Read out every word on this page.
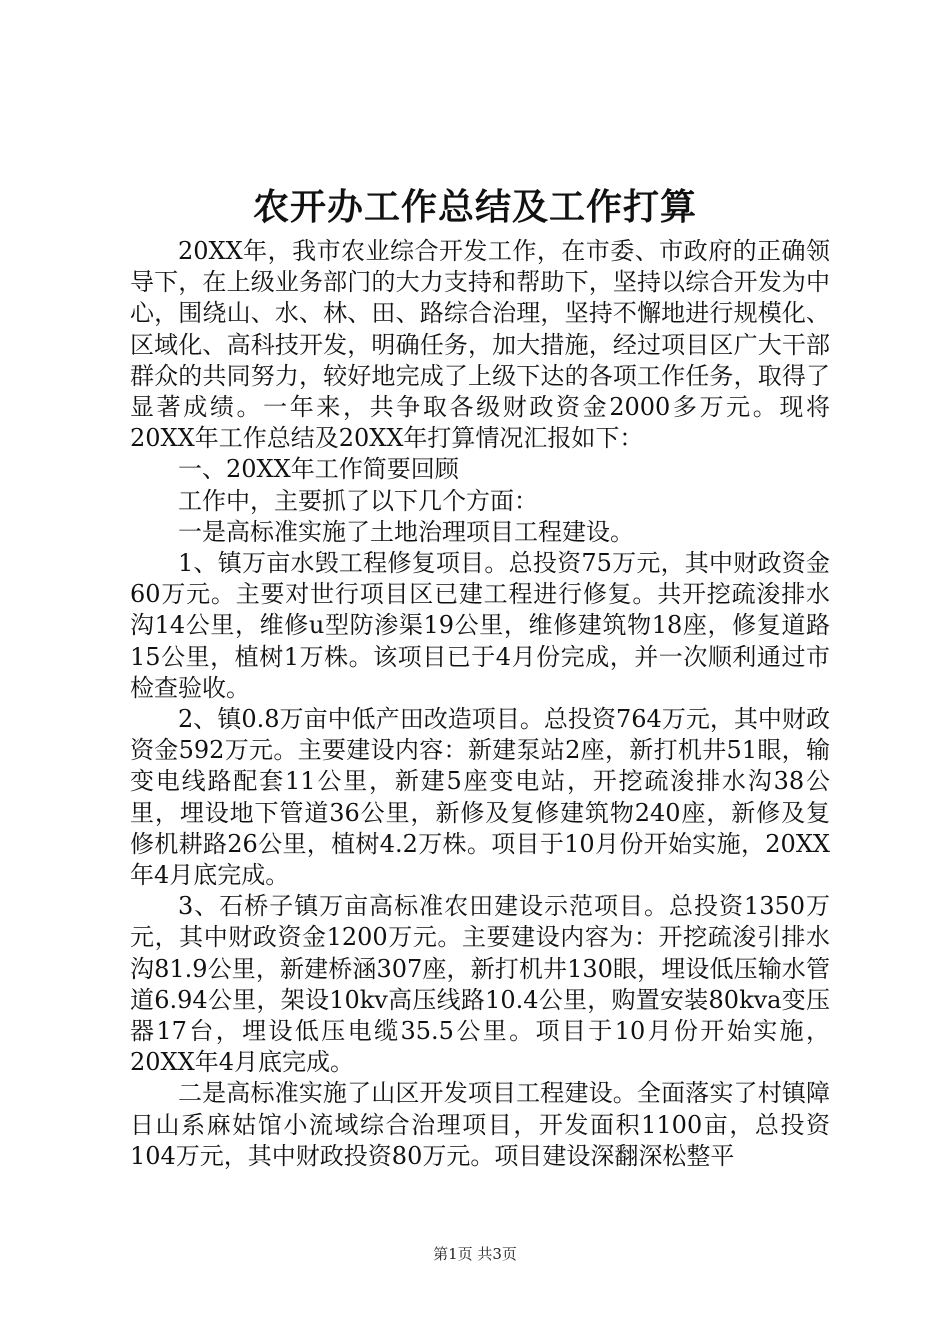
农开办工作总结及工作打算

20XX年，我市农业综合开发工作，在市委、市政府的正确领导下，在上级业务部门的大力支持和帮助下，坚持以综合开发为中心，围绕山、水、林、田、路综合治理，坚持不懈地进行规模化、区域化、高科技开发，明确任务，加大措施，经过项目区广大干部群众的共同努力，较好地完成了上级下达的各项工作任务，取得了显著成绩。一年来，共争取各级财政资金2000多万元。现将20XX年工作总结及20XX年打算情况汇报如下：

一、20XX年工作简要回顾

工作中，主要抓了以下几个方面：

一是高标准实施了土地治理项目工程建设。

1、镇万亩水毁工程修复项目。总投资75万元，其中财政资金60万元。主要对世行项目区已建工程进行修复。共开挖疏浚排水沟14公里，维修u型防渗渠19公里，维修建筑物18座，修复道路15公里，植树1万株。该项目已于4月份完成，并一次顺利通过市检查验收。

2、镇0.8万亩中低产田改造项目。总投资764万元，其中财政资金592万元。主要建设内容：新建泵站2座，新打机井51眼，输变电线路配套11公里，新建5座变电站，开挖疏浚排水沟38公里，埋设地下管道36公里，新修及复修建筑物240座，新修及复修机耕路26公里，植树4.2万株。项目于10月份开始实施，20XX年4月底完成。

3、石桥子镇万亩高标准农田建设示范项目。总投资1350万元，其中财政资金1200万元。主要建设内容为：开挖疏浚引排水沟81.9公里，新建桥涵307座，新打机井130眼，埋设低压输水管道6.94公里，架设10kv高压线路10.4公里，购置安装80kva变压器17台，埋设低压电缆35.5公里。项目于10月份开始实施，20XX年4月底完成。

二是高标准实施了山区开发项目工程建设。全面落实了村镇障日山系麻姑馆小流域综合治理项目，开发面积1100亩，总投资104万元，其中财政投资80万元。项目建设深翻深松整平

第1页 共3页
